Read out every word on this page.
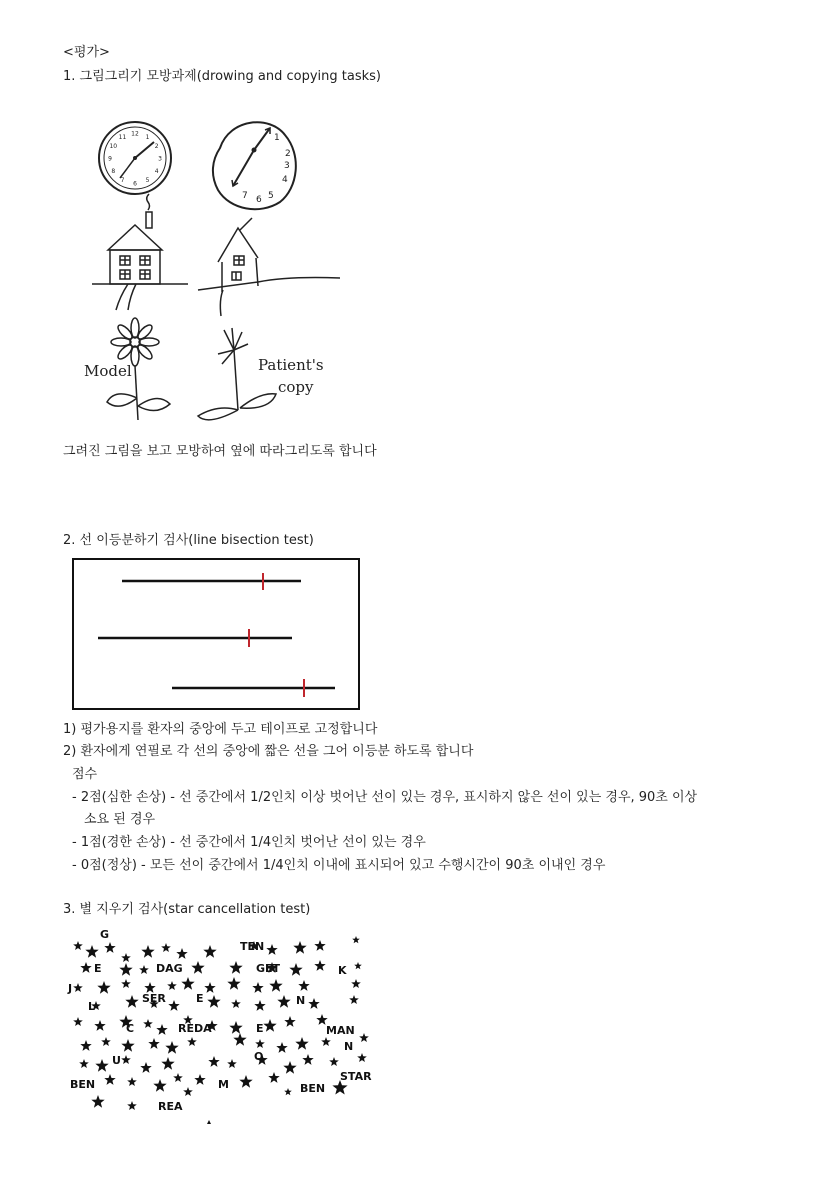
<평가>
1. 그림그리기 모방과제(drowing and copying tasks)
12 1
2
3
4
5
6
7
8
9
10
11	1
2
3
4
5
6
7
Model	Patient's
copy
그려진 그림을 보고 모방하여 옆에 따라그리도록 합니다
2. 선 이등분하기 검사(line bisection test)
1) 평가용지를 환자의 중앙에 두고 테이프로 고정합니다
2) 환자에게 연필로 각 선의 중앙에 짧은 선을 그어 이등분 하도록 합니다
점수
- 2점(심한 손상) - 선 중간에서 1/2인치 이상 벗어난 선이 있는 경우, 표시하지 않은 선이 있는 경우, 90초 이상
소요 된 경우
- 1점(경한 손상) - 선 중간에서 1/4인치 벗어난 선이 있는 경우
- 0점(정상) - 모든 선이 중간에서 1/4인치 이내에 표시되어 있고 수행시간이 90초 이내인 경우
3. 별 지우기 검사(star cancellation test)
G
TEN
E	DAG	GET	K
J
L
SER	E	N
C	REDA	E	MAN
N
U	O
STAR
BEN	M	BEN
REA
